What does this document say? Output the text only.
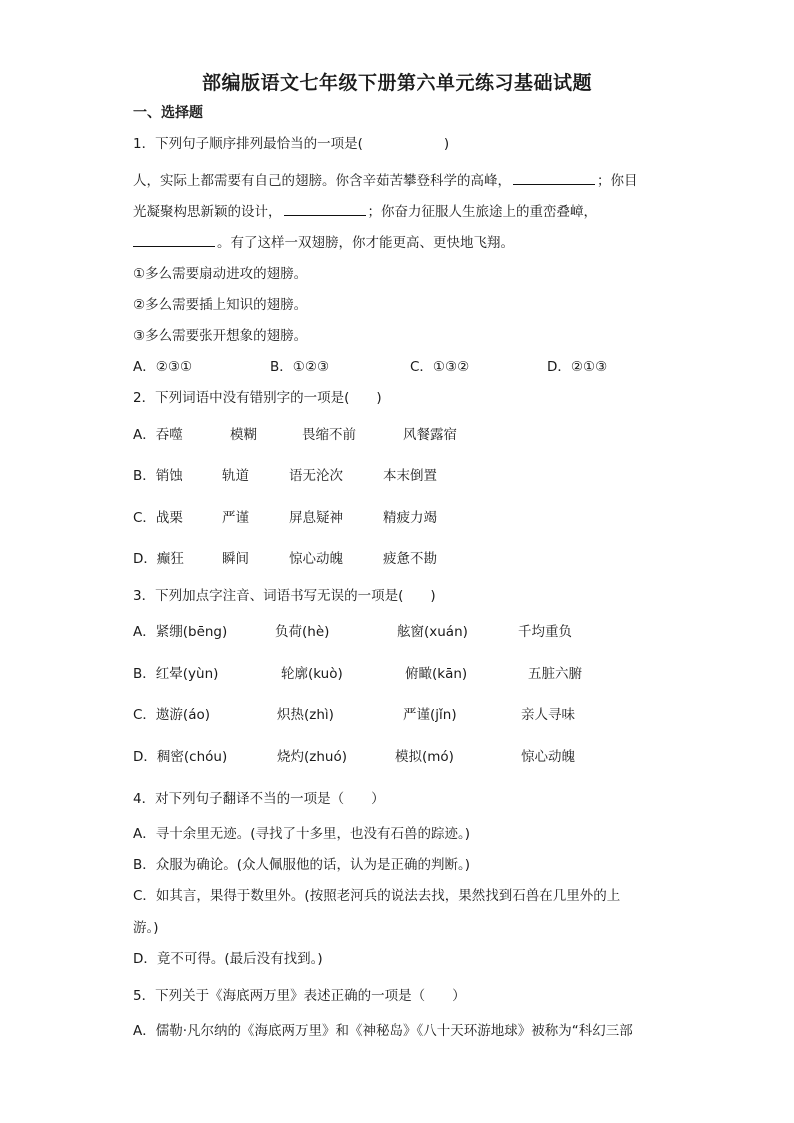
部编版语文七年级下册第六单元练习基础试题
一、选择题
1．下列句子顺序排列最恰当的一项是(　　　　　　)
人，实际上都需要有自己的翅膀。你含辛茹苦攀登科学的高峰，	；你目
光凝聚构思新颖的设计，	；你奋力征服人生旅途上的重峦叠嶂，
。有了这样一双翅膀，你才能更高、更快地飞翔。
①多么需要扇动进攻的翅膀。
②多么需要插上知识的翅膀。
③多么需要张开想象的翅膀。
A．②③①	B．①②③	C．①③②	D．②①③
2．下列词语中没有错别字的一项是(　　)
A．吞噬	模糊	畏缩不前	风餐露宿
B．销蚀	轨道	语无沦次	本末倒置
C．战栗	严谨	屏息疑神	精疲力竭
D．癫狂	瞬间	惊心动魄	疲惫不勘
3．下列加点字注音、词语书写无误的一项是(　　)
A．紧绷(bēng)	负荷(hè)	舷窗(xuán)	千均重负
B．红晕(yùn)	轮廓(kuò)	俯瞰(kān)	五脏六腑
C．遨游(áo)	炽热(zhì)	严谨(jǐn)	亲人寻味
D．稠密(chóu)	烧灼(zhuó)	模拟(mó)	惊心动魄
4．对下列句子翻译不当的一项是（　　）
A．寻十余里无迹。(寻找了十多里，也没有石兽的踪迹。)
B．众服为确论。(众人佩服他的话，认为是正确的判断。)
C．如其言，果得于数里外。(按照老河兵的说法去找，果然找到石兽在几里外的上
游。)
D．竟不可得。(最后没有找到。)
5．下列关于《海底两万里》表述正确的一项是（　　）
A．儒勒·凡尔纳的《海底两万里》和《神秘岛》《八十天环游地球》被称为“科幻三部
